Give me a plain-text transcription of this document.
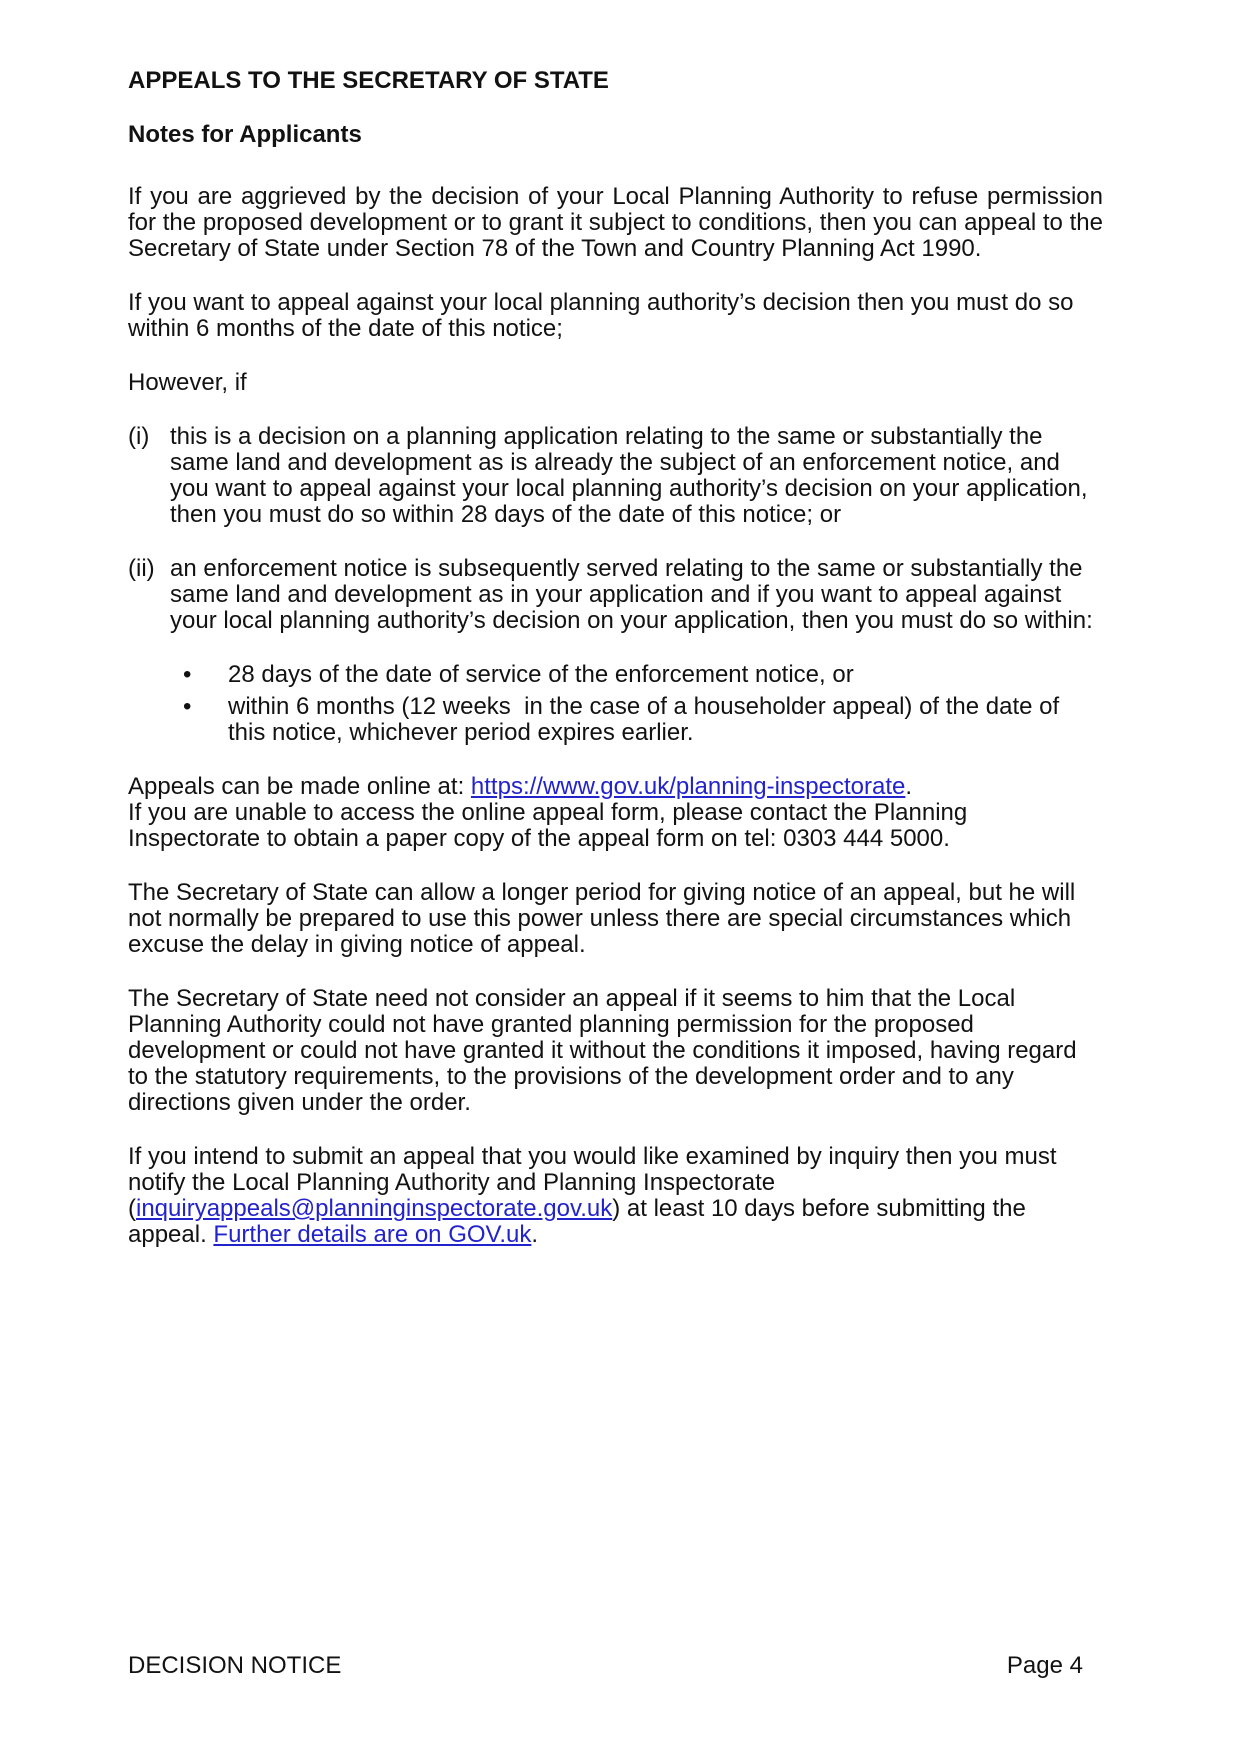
APPEALS TO THE SECRETARY OF STATE
Notes for Applicants
If you are aggrieved by the decision of your Local Planning Authority to refuse permission for the proposed development or to grant it subject to conditions, then you can appeal to the Secretary of State under Section 78 of the Town and Country Planning Act 1990.
If you want to appeal against your local planning authority’s decision then you must do so within 6 months of the date of this notice;
However, if
(i) this is a decision on a planning application relating to the same or substantially the same land and development as is already the subject of an enforcement notice, and you want to appeal against your local planning authority’s decision on your application, then you must do so within 28 days of the date of this notice; or
(ii) an enforcement notice is subsequently served relating to the same or substantially the same land and development as in your application and if you want to appeal against your local planning authority’s decision on your application, then you must do so within:
• 28 days of the date of service of the enforcement notice, or
• within 6 months (12 weeks  in the case of a householder appeal) of the date of this notice, whichever period expires earlier.
Appeals can be made online at: https://www.gov.uk/planning-inspectorate.
If you are unable to access the online appeal form, please contact the Planning Inspectorate to obtain a paper copy of the appeal form on tel: 0303 444 5000.
The Secretary of State can allow a longer period for giving notice of an appeal, but he will not normally be prepared to use this power unless there are special circumstances which excuse the delay in giving notice of appeal.
The Secretary of State need not consider an appeal if it seems to him that the Local Planning Authority could not have granted planning permission for the proposed development or could not have granted it without the conditions it imposed, having regard to the statutory requirements, to the provisions of the development order and to any directions given under the order.
If you intend to submit an appeal that you would like examined by inquiry then you must notify the Local Planning Authority and Planning Inspectorate (inquiryappeals@planninginspectorate.gov.uk) at least 10 days before submitting the appeal. Further details are on GOV.uk.
DECISION NOTICE	Page 4
